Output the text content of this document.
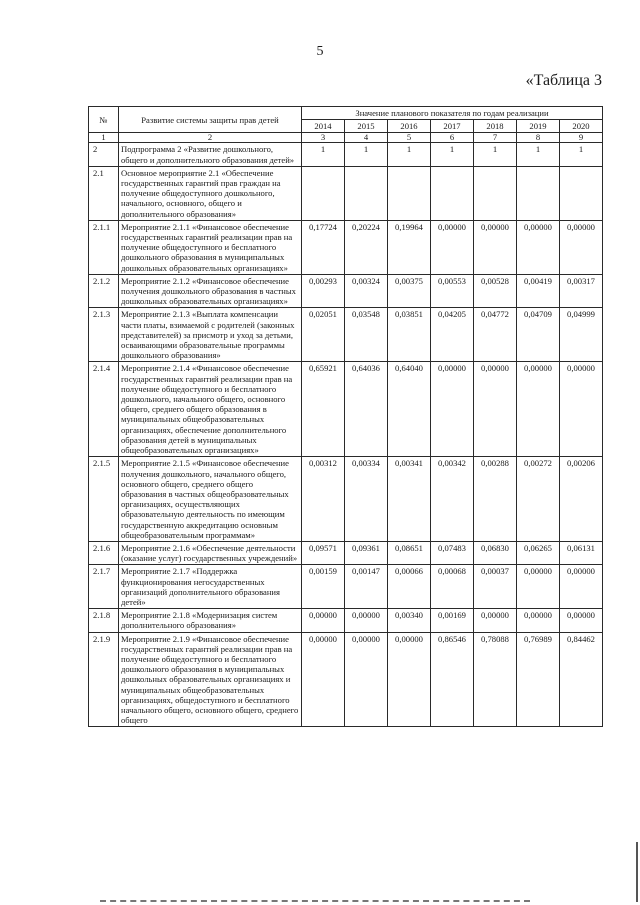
5
«Таблица 3
№	Развитие системы защиты прав детей	Значение планового показателя по годам реализации						
		2014	2015	2016	2017	2018	2019	2020
1	2	3	4	5	6	7	8	9
2	Подпрограмма 2 «Развитие дошкольного, общего и дополнительного образования детей»	1	1	1	1	1	1	1
2.1	Основное мероприятие 2.1 «Обеспечение государственных гарантий прав граждан на получение общедоступного дошкольного, начального, основного, общего и дополнительного образования»							
2.1.1	Мероприятие 2.1.1 «Финансовое обеспечение государственных гарантий реализации прав на получение общедоступного и бесплатного дошкольного образования в муниципальных дошкольных образовательных организациях»	0,17724	0,20224	0,19964	0,00000	0,00000	0,00000	0,00000
2.1.2	Мероприятие 2.1.2 «Финансовое обеспечение получения дошкольного образования в частных дошкольных образовательных организациях»	0,00293	0,00324	0,00375	0,00553	0,00528	0,00419	0,00317
2.1.3	Мероприятие 2.1.3 «Выплата компенсации части платы, взимаемой с родителей (законных представителей) за присмотр и уход за детьми, осваивающими образовательные программы дошкольного образования»	0,02051	0,03548	0,03851	0,04205	0,04772	0,04709	0,04999
2.1.4	Мероприятие 2.1.4 «Финансовое обеспечение государственных гарантий реализации прав на получение общедоступного и бесплатного дошкольного, начального общего, основного общего, среднего общего образования в муниципальных общеобразовательных организациях, обеспечение дополнительного образования детей в муниципальных общеобразовательных организациях»	0,65921	0,64036	0,64040	0,00000	0,00000	0,00000	0,00000
2.1.5	Мероприятие 2.1.5 «Финансовое обеспечение получения дошкольного, начального общего, основного общего, среднего общего образования в частных общеобразовательных организациях, осуществляющих образовательную деятельность по имеющим государственную аккредитацию основным общеобразовательным программам»	0,00312	0,00334	0,00341	0,00342	0,00288	0,00272	0,00206
2.1.6	Мероприятие 2.1.6 «Обеспечение деятельности (оказание услуг) государственных учреждений»	0,09571	0,09361	0,08651	0,07483	0,06830	0,06265	0,06131
2.1.7	Мероприятие 2.1.7 «Поддержка функционирования негосударственных организаций дополнительного образования детей»	0,00159	0,00147	0,00066	0,00068	0,00037	0,00000	0,00000
2.1.8	Мероприятие 2.1.8 «Модернизация систем дополнительного образования»	0,00000	0,00000	0,00340	0,00169	0,00000	0,00000	0,00000
2.1.9	Мероприятие 2.1.9 «Финансовое обеспечение государственных гарантий реализации прав на получение общедоступного и бесплатного дошкольного образования в муниципальных дошкольных образовательных организациях и муниципальных общеобразовательных организациях, общедоступного и бесплатного начального общего, основного общего, среднего общего	0,00000	0,00000	0,00000	0,86546	0,78088	0,76989	0,84462
